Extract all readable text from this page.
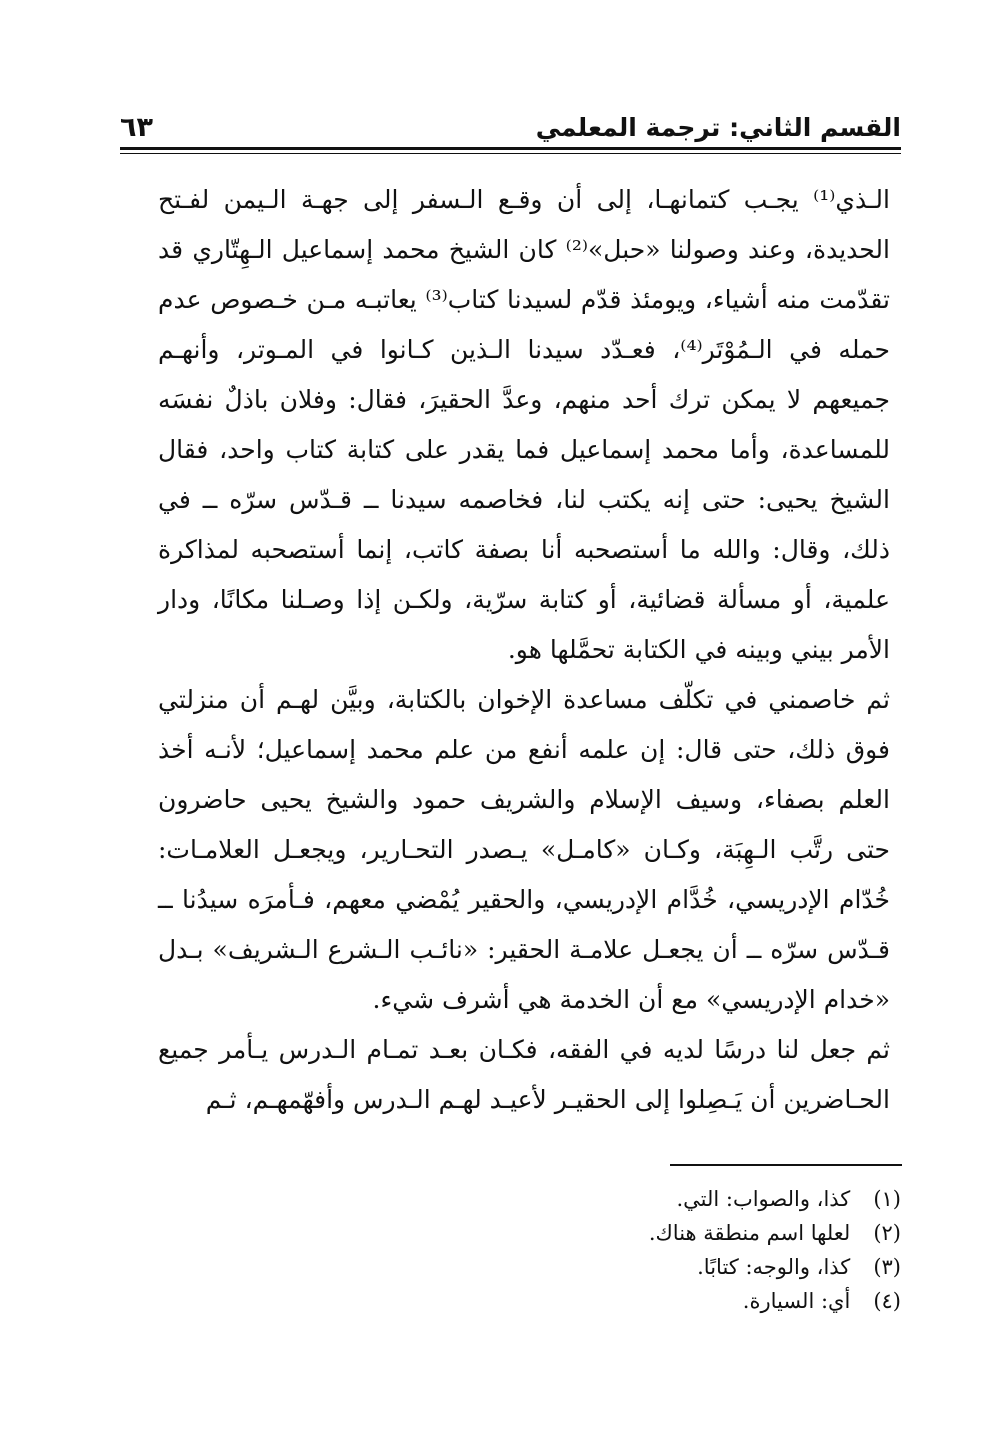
القسم الثاني: ترجمة المعلمي
٦٣

الـذي⁽¹⁾ يجـب كتمانهـا، إلى أن وقـع الـسفر إلى جهـة الـيمن لفـتح الحديدة، وعند وصولنا «حبل»⁽²⁾ كان الشيخ محمد إسماعيل الـهِتّاري قد تقدّمت منه أشياء، ويومئذ قدّم لسيدنا كتاب⁽³⁾ يعاتبـه مـن خـصوص عدم حمله في الـمُوْتَر⁽⁴⁾، فعـدّد سيدنا الـذين كـانوا في المـوتر، وأنهـم جميعهم لا يمكن ترك أحد منهم، وعدَّ الحقيرَ، فقال: وفلان باذلٌ نفسَه للمساعدة، وأما محمد إسماعيل فما يقدر على كتابة كتاب واحد، فقال الشيخ يحيى: حتى إنه يكتب لنا، فخاصمه سيدنا ــ قـدّس سرّه ــ في ذلك، وقال: والله ما أستصحبه أنا بصفة كاتب، إنما أستصحبه لمذاكرة علمية، أو مسألة قضائية، أو كتابة سرّية، ولكـن إذا وصـلنا مكانًا، ودار الأمر بيني وبينه في الكتابة تحمَّلها هو.

ثم خاصمني في تكلّف مساعدة الإخوان بالكتابة، وبيَّن لهـم أن منزلتي فوق ذلك، حتى قال: إن علمه أنفع من علم محمد إسماعيل؛ لأنـه أخذ العلم بصفاء، وسيف الإسلام والشريف حمود والشيخ يحيى حاضرون حتى رتَّب الـهِبَة، وكـان «كامـل» يـصدر التحـارير، ويجعـل العلامـات: خُدّام الإدريسي، خُدَّام الإدريسي، والحقير يُمْضي معهم، فـأمرَه سيدُنا ــ قـدّس سرّه ــ أن يجعـل علامـة الحقير: «نائـب الـشرع الـشريف» بـدل «خدام الإدريسي» مع أن الخدمة هي أشرف شيء.

ثم جعل لنا درسًا لديه في الفقه، فكـان بعـد تمـام الـدرس يـأمر جميع الحـاضرين أن يَـصِلوا إلى الحقيـر لأعيـد لهـم الـدرس وأفهّمهـم، ثـم

(١) كذا، والصواب: التي.
(٢) لعلها اسم منطقة هناك.
(٣) كذا، والوجه: كتابًا.
(٤) أي: السيارة.
